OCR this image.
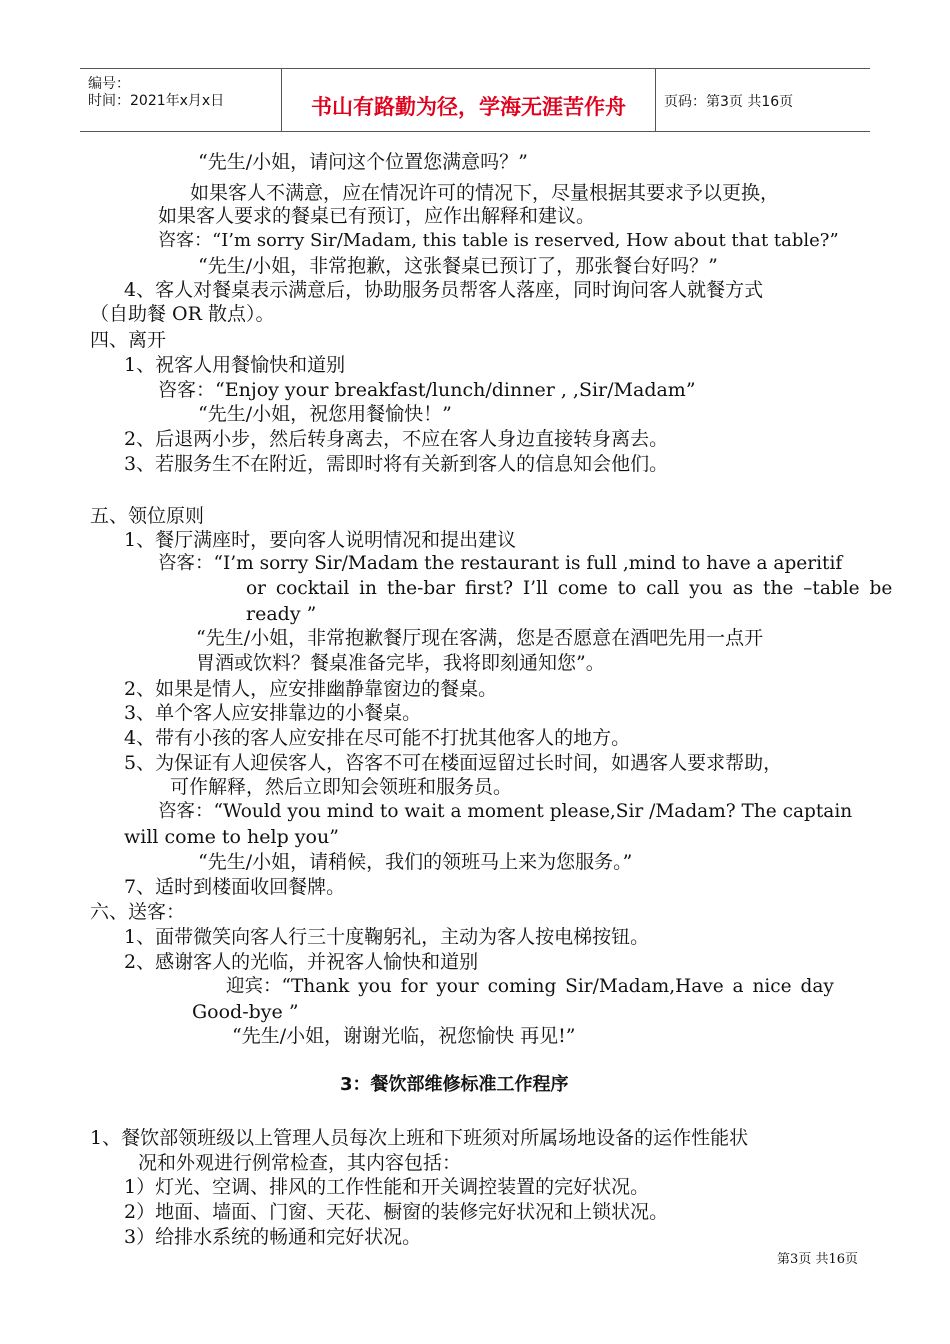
编号：
时间：2021年x月x日	书山有路勤为径，学海无涯苦作舟	页码：第3页 共16页
“先生/小姐，请问这个位置您满意吗？”
如果客人不满意，应在情况许可的情况下，尽量根据其要求予以更换，
如果客人要求的餐桌已有预订，应作出解释和建议。
咨客：“I’m sorry Sir/Madam, this table is reserved, How about that table?”
“先生/小姐，非常抱歉，这张餐桌已预订了，那张餐台好吗？”
4、客人对餐桌表示满意后，协助服务员帮客人落座，同时询问客人就餐方式
（自助餐 OR 散点）。
四、离开
1、祝客人用餐愉快和道别
咨客：“Enjoy your breakfast/lunch/dinner , ,Sir/Madam”
“先生/小姐，祝您用餐愉快！”
2、后退两小步，然后转身离去，不应在客人身边直接转身离去。
3、若服务生不在附近，需即时将有关新到客人的信息知会他们。
五、领位原则
1、餐厅满座时，要向客人说明情况和提出建议
咨客：“I’m sorry Sir/Madam the restaurant is full ,mind to have a aperitif
or cocktail in the-bar first? I’ll come to call you as the –table be
ready ”
“先生/小姐，非常抱歉餐厅现在客满，您是否愿意在酒吧先用一点开
胃酒或饮料？餐桌准备完毕，我将即刻通知您”。
2、如果是情人，应安排幽静靠窗边的餐桌。
3、单个客人应安排靠边的小餐桌。
4、带有小孩的客人应安排在尽可能不打扰其他客人的地方。
5、为保证有人迎侯客人，咨客不可在楼面逗留过长时间，如遇客人要求帮助，
可作解释，然后立即知会领班和服务员。
咨客：“Would you mind to wait a moment please,Sir /Madam? The captain
will come to help you”
“先生/小姐，请稍候，我们的领班马上来为您服务。”
7、适时到楼面收回餐牌。
六、送客：
1、面带微笑向客人行三十度鞠躬礼，主动为客人按电梯按钮。
2、感谢客人的光临，并祝客人愉快和道别
迎宾：“Thank you for your coming Sir/Madam,Have a nice day
Good-bye ”
“先生/小姐，谢谢光临，祝您愉快 再见!”
3：餐饮部维修标准工作程序
1、餐饮部领班级以上管理人员每次上班和下班须对所属场地设备的运作性能状
况和外观进行例常检查，其内容包括：
1）灯光、空调、排风的工作性能和开关调控装置的完好状况。
2）地面、墙面、门窗、天花、橱窗的装修完好状况和上锁状况。
3）给排水系统的畅通和完好状况。
第3页 共16页
